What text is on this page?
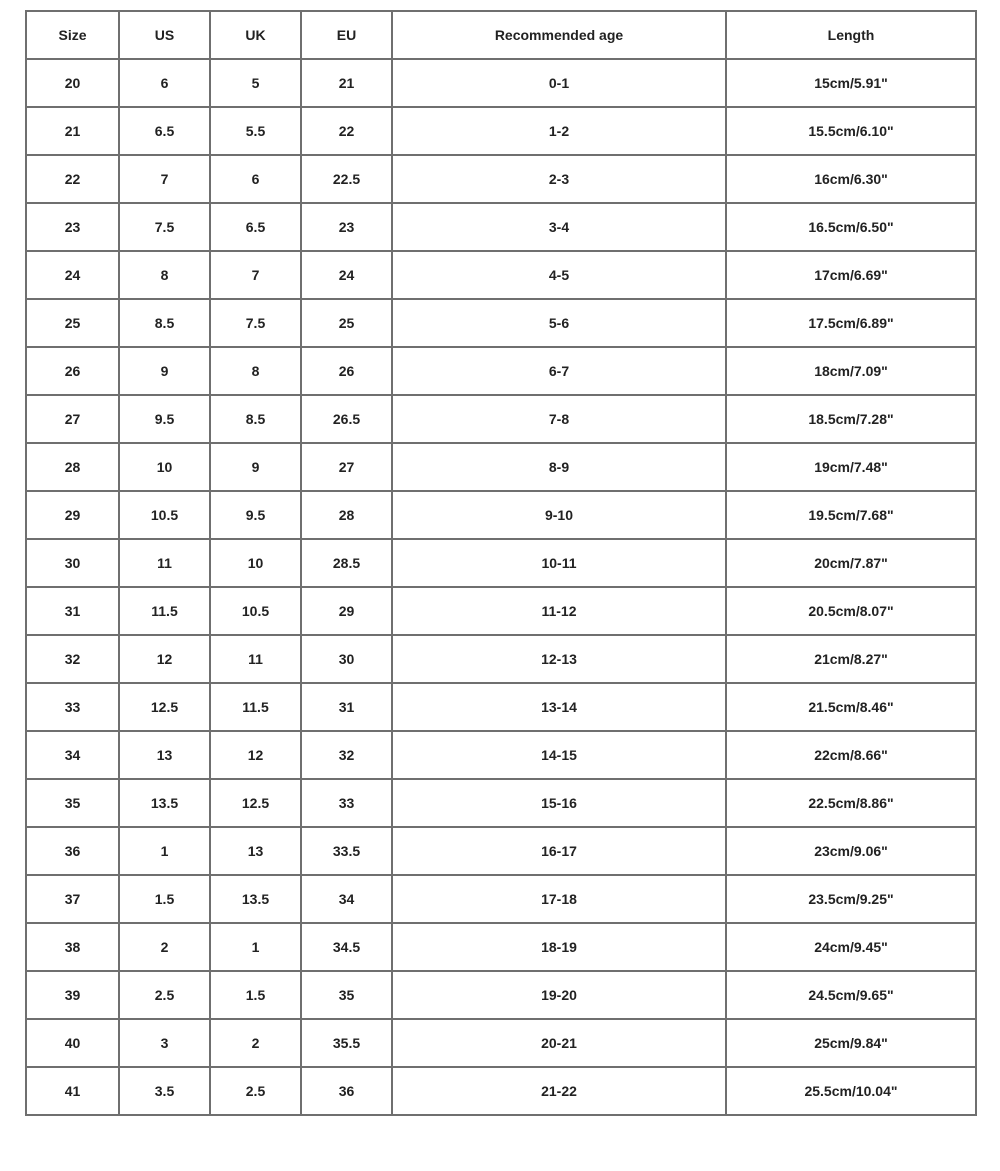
Size	US	UK	EU	Recommended age	Length
20	6	5	21	0-1	15cm/5.91"
21	6.5	5.5	22	1-2	15.5cm/6.10"
22	7	6	22.5	2-3	16cm/6.30"
23	7.5	6.5	23	3-4	16.5cm/6.50"
24	8	7	24	4-5	17cm/6.69"
25	8.5	7.5	25	5-6	17.5cm/6.89"
26	9	8	26	6-7	18cm/7.09"
27	9.5	8.5	26.5	7-8	18.5cm/7.28"
28	10	9	27	8-9	19cm/7.48"
29	10.5	9.5	28	9-10	19.5cm/7.68"
30	11	10	28.5	10-11	20cm/7.87"
31	11.5	10.5	29	11-12	20.5cm/8.07"
32	12	11	30	12-13	21cm/8.27"
33	12.5	11.5	31	13-14	21.5cm/8.46"
34	13	12	32	14-15	22cm/8.66"
35	13.5	12.5	33	15-16	22.5cm/8.86"
36	1	13	33.5	16-17	23cm/9.06"
37	1.5	13.5	34	17-18	23.5cm/9.25"
38	2	1	34.5	18-19	24cm/9.45"
39	2.5	1.5	35	19-20	24.5cm/9.65"
40	3	2	35.5	20-21	25cm/9.84"
41	3.5	2.5	36	21-22	25.5cm/10.04"
